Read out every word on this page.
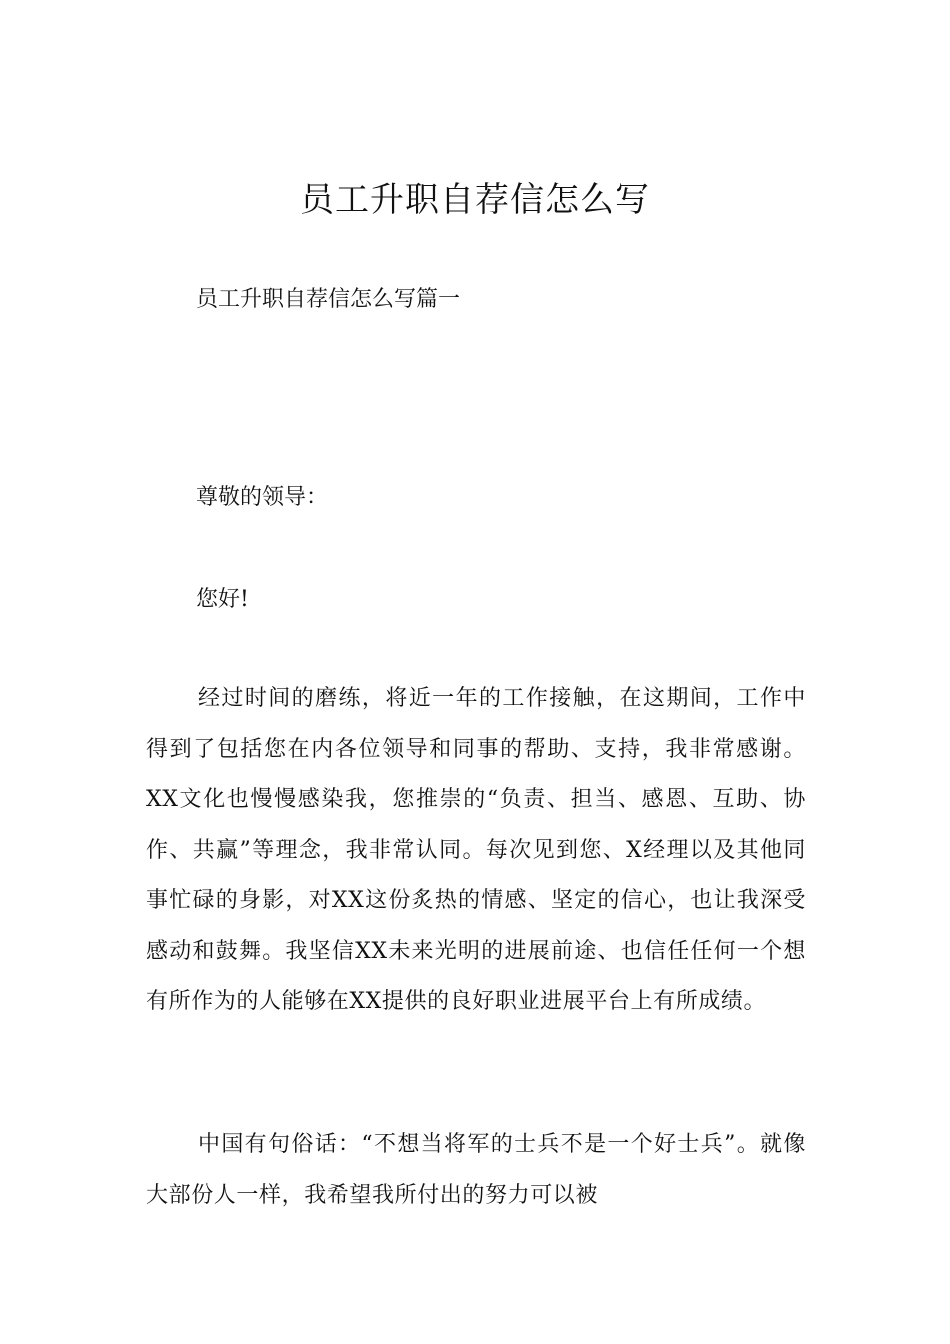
员工升职自荐信怎么写
员工升职自荐信怎么写篇一
尊敬的领导：
您好!

经过时间的磨练，将近一年的工作接触，在这期间，工作中得到了包括您在内各位领导和同事的帮助、支持，我非常感谢。XX文化也慢慢感染我，您推崇的“负责、担当、感恩、互助、协作、共赢”等理念，我非常认同。每次见到您、X经理以及其他同事忙碌的身影，对XX这份炙热的情感、坚定的信心，也让我深受感动和鼓舞。我坚信XX未来光明的进展前途、也信任任何一个想有所作为的人能够在XX提供的良好职业进展平台上有所成绩。

中国有句俗话：“不想当将军的士兵不是一个好士兵”。就像大部份人一样，我希望我所付出的努力可以被
